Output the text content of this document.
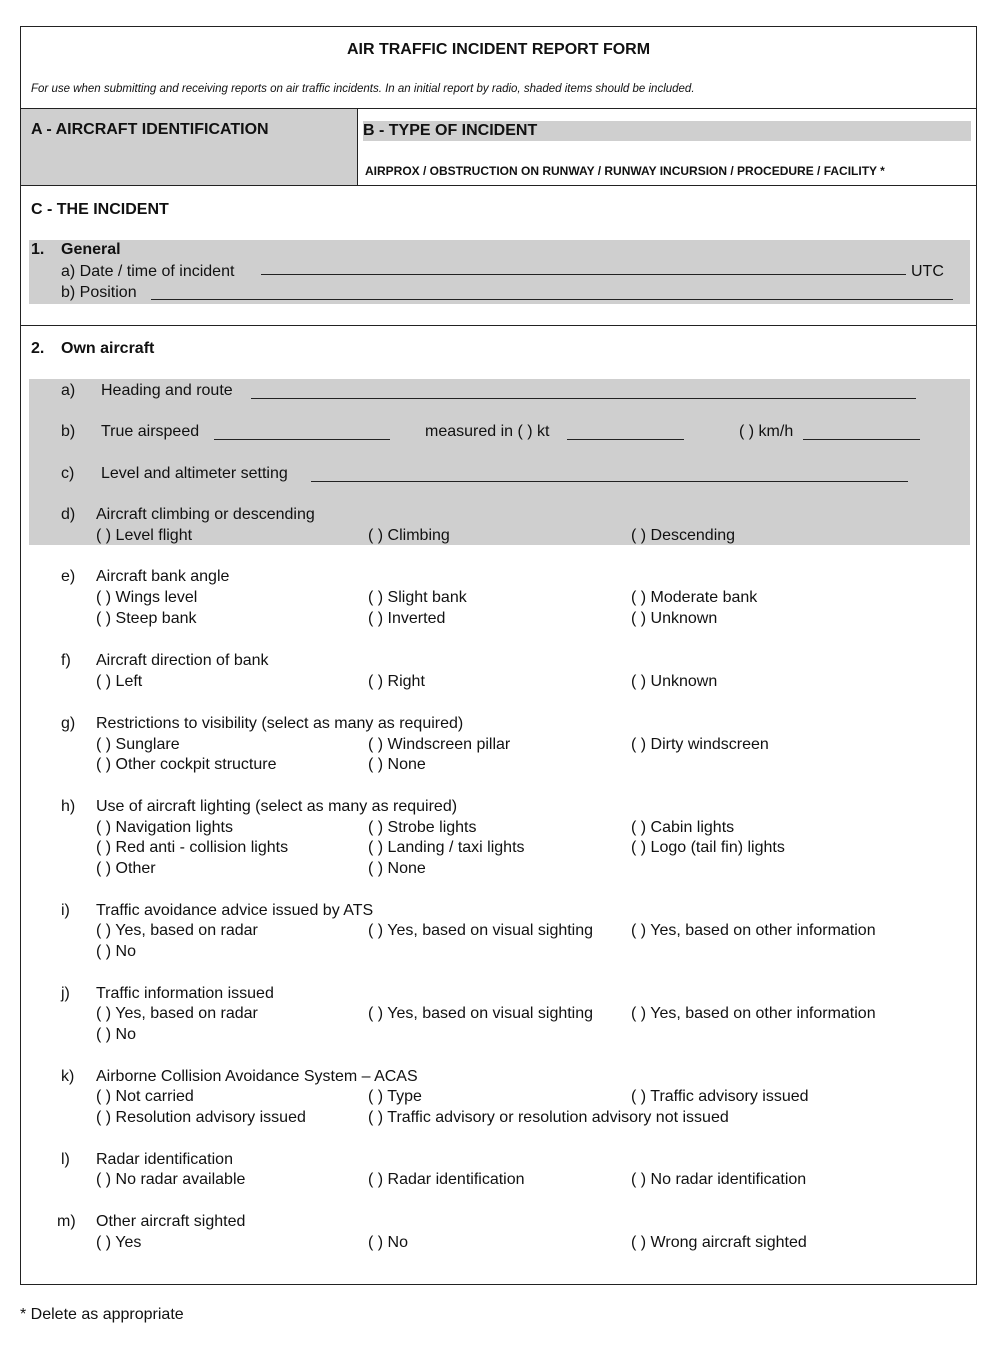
AIR TRAFFIC INCIDENT REPORT FORM
For use when submitting and receiving reports on air traffic incidents. In an initial report by radio, shaded items should be included.
A - AIRCRAFT IDENTIFICATION	B - TYPE OF INCIDENT
AIRPROX / OBSTRUCTION ON RUNWAY / RUNWAY INCURSION / PROCEDURE / FACILITY *
C - THE INCIDENT
1. General
a) Date / time of incident	UTC
b) Position
2. Own aircraft
a) Heading and route
b) True airspeed	measured in ( ) kt	( ) km/h
c) Level and altimeter setting
d) Aircraft climbing or descending
( ) Level flight	( ) Climbing	( ) Descending
e) Aircraft bank angle
( ) Wings level	( ) Slight bank	( ) Moderate bank
( ) Steep bank	( ) Inverted	( ) Unknown
f) Aircraft direction of bank
( ) Left	( ) Right	( ) Unknown
g) Restrictions to visibility (select as many as required)
( ) Sunglare	( ) Windscreen pillar	( ) Dirty windscreen
( ) Other cockpit structure	( ) None
h) Use of aircraft lighting (select as many as required)
( ) Navigation lights	( ) Strobe lights	( ) Cabin lights
( ) Red anti - collision lights	( ) Landing / taxi lights	( ) Logo (tail fin) lights
( ) Other	( ) None
i) Traffic avoidance advice issued by ATS
( ) Yes, based on radar	( ) Yes, based on visual sighting ( ) Yes, based on other information
( ) No
j) Traffic information issued
( ) Yes, based on radar	( ) Yes, based on visual sighting ( ) Yes, based on other information
( ) No
k) Airborne Collision Avoidance System – ACAS
( ) Not carried	( ) Type	( ) Traffic advisory issued
( ) Resolution advisory issued	( ) Traffic advisory or resolution advisory not issued
l) Radar identification
( ) No radar available	( ) Radar identification	( ) No radar identification
m) Other aircraft sighted
( ) Yes	( ) No	( ) Wrong aircraft sighted
* Delete as appropriate
